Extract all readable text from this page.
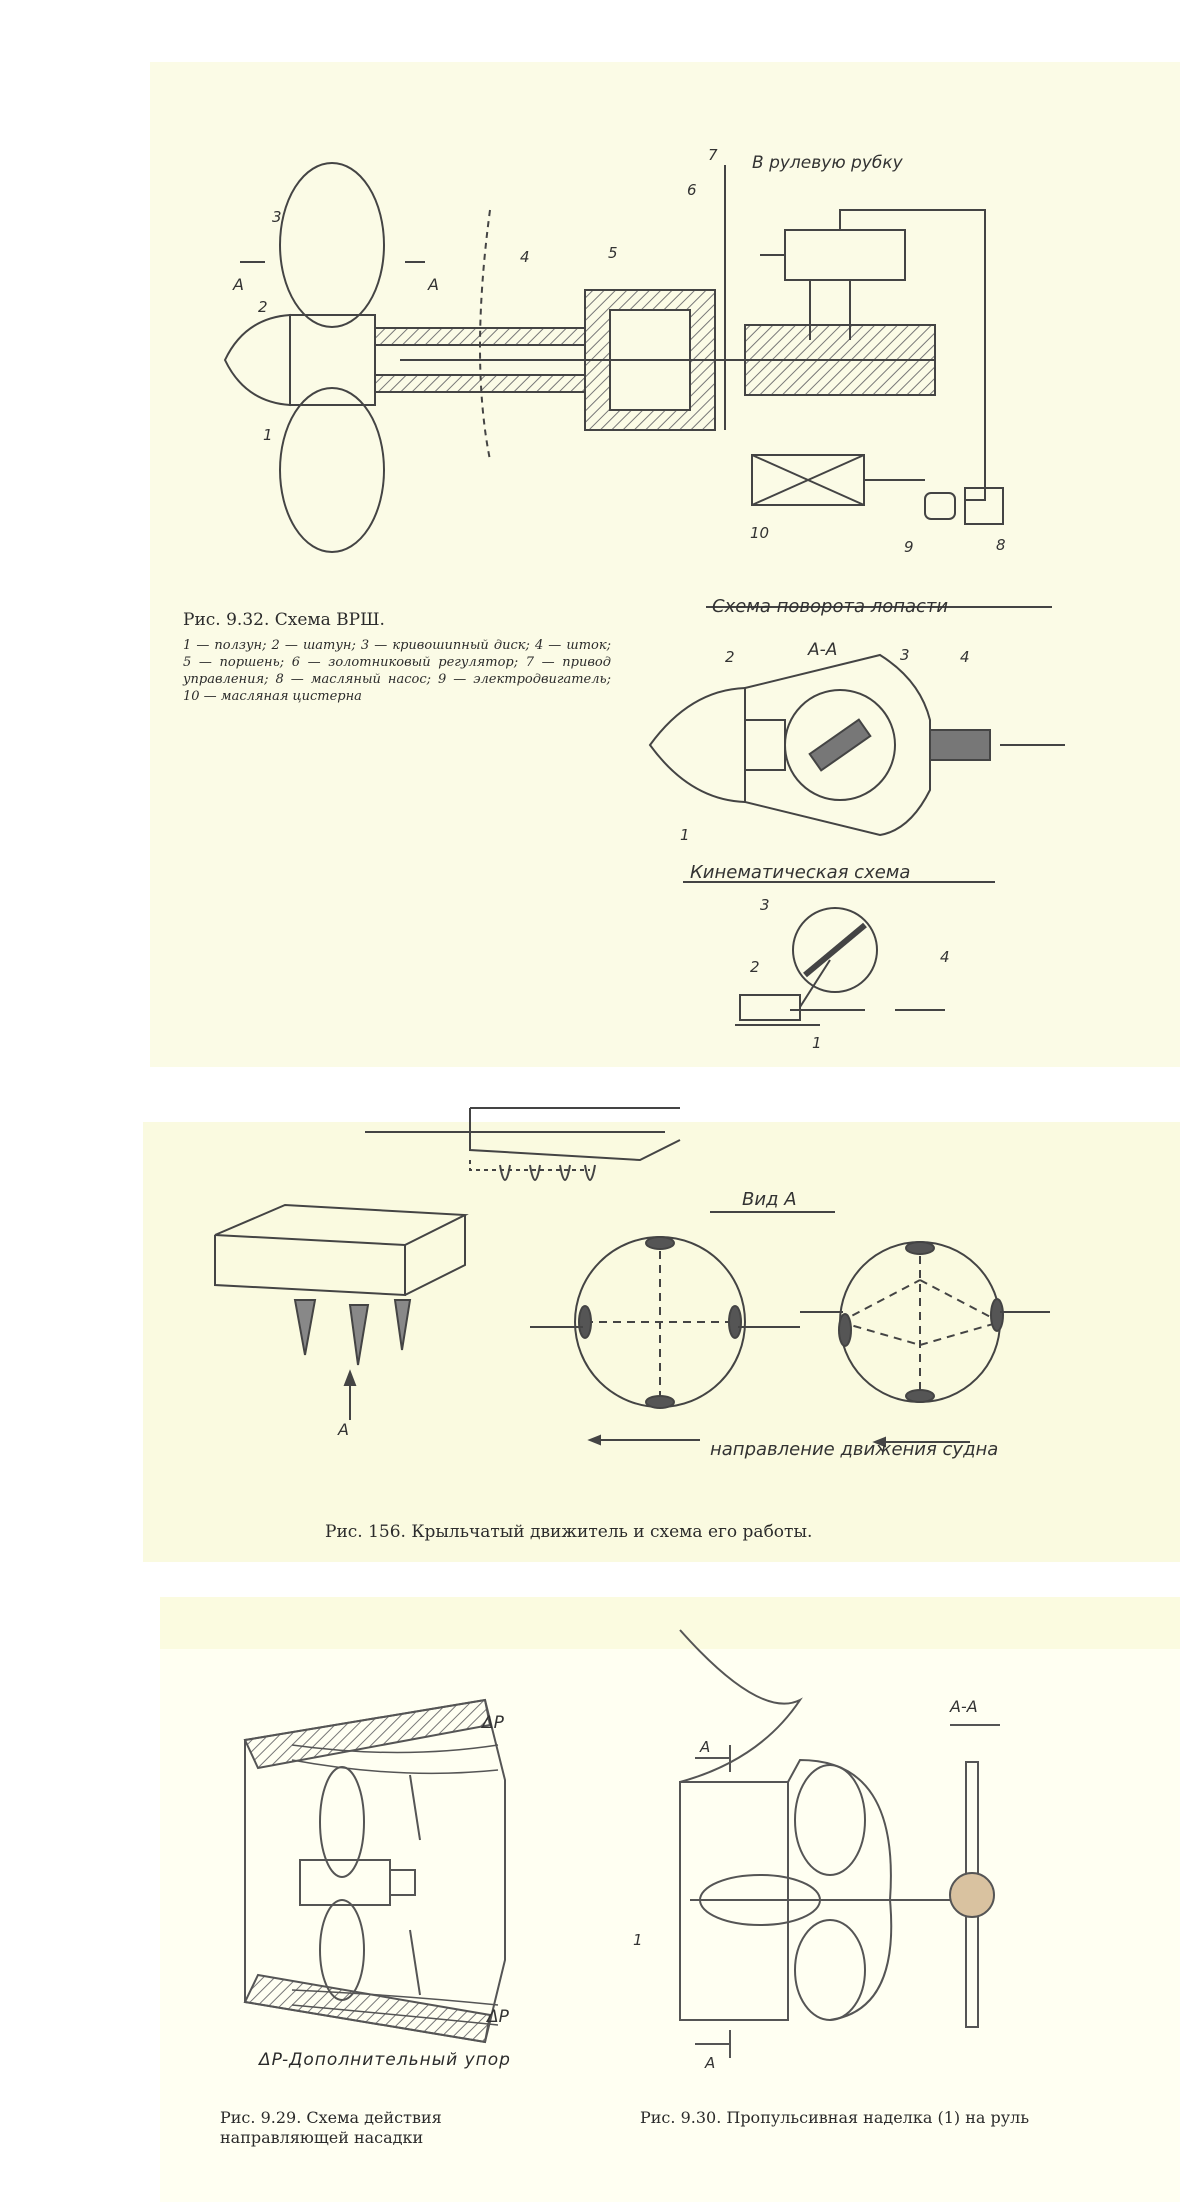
В рулевую рубку
Схема поворота лопасти
А-А
Кинематическая схема
А	А
1
2
3
4	5
6
7
8
9
10
1
2	3	4
1
2
3
4
Вид А
направление движения судна
А
ΔP
ΔP
А-А
А
А
1
Рис. 9.32. Схема ВРШ.
1 — ползун; 2 — шатун; 3 — кривошипный диск; 4 — шток; 5 — поршень; 6 — золотниковый регулятор; 7 — привод управления; 8 — масляный насос; 9 — электродвигатель; 10 — масляная цистерна
Рис. 156. Крыльчатый движитель и схема его работы.
ΔP-Дополнительный упор
Рис. 9.29. Схема действия направляющей насадки
Рис. 9.30. Пропульсивная наделка (1) на руль
